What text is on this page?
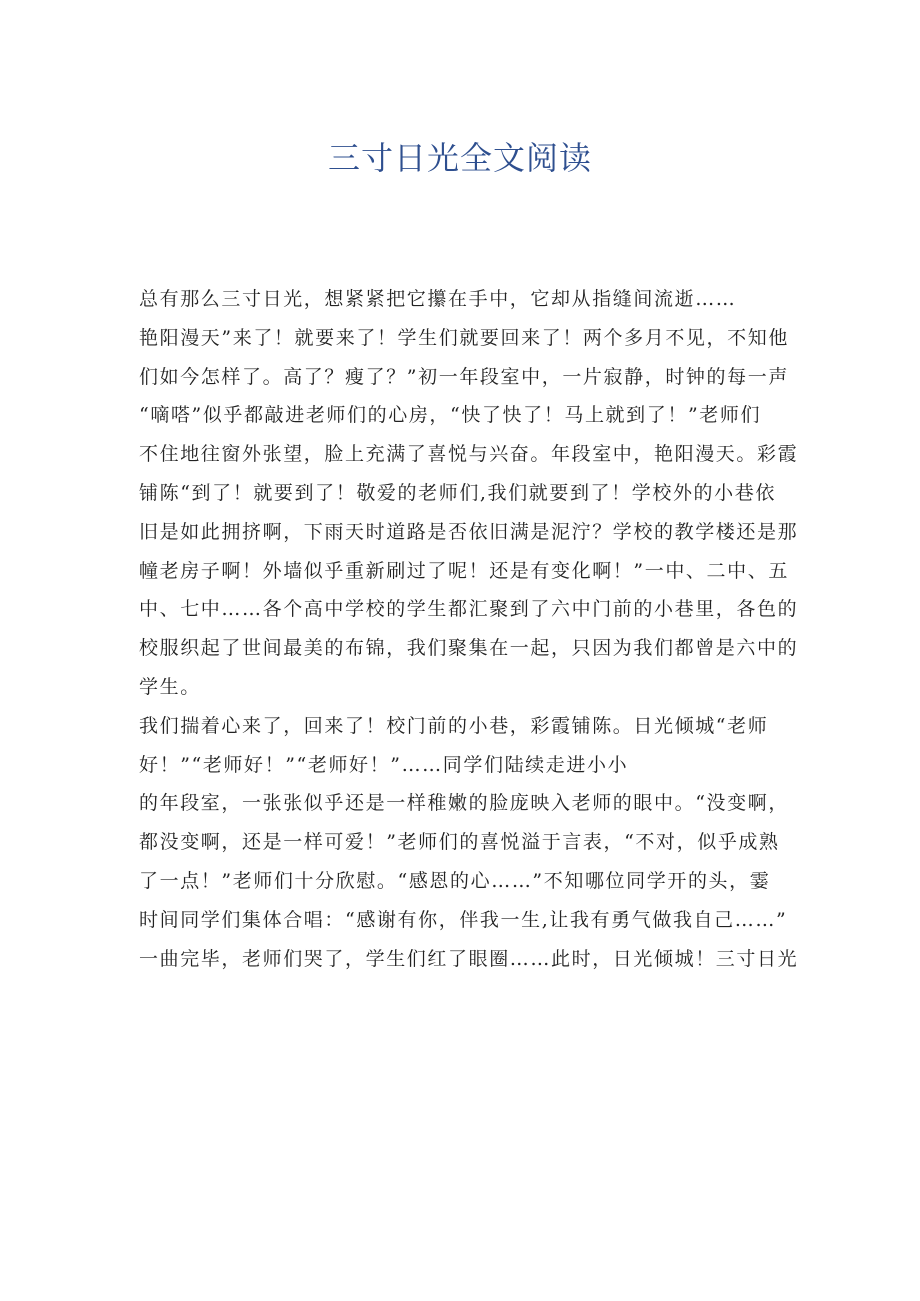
三寸日光全文阅读

总有那么三寸日光，想紧紧把它攥在手中，它却从指缝间流逝……

艳阳漫天”来了！就要来了！学生们就要回来了！两个多月不见，不知他

们如今怎样了。高了？瘦了？”初一年段室中，一片寂静，时钟的每一声

“嘀嗒”似乎都敲进老师们的心房，“快了快了！马上就到了！”老师们

不住地往窗外张望，脸上充满了喜悦与兴奋。年段室中，艳阳漫天。彩霞

铺陈“到了！就要到了！敬爱的老师们,我们就要到了！学校外的小巷依

旧是如此拥挤啊，下雨天时道路是否依旧满是泥泞？学校的教学楼还是那

幢老房子啊！外墙似乎重新刷过了呢！还是有变化啊！”一中、二中、五

中、七中……各个高中学校的学生都汇聚到了六中门前的小巷里，各色的

校服织起了世间最美的布锦，我们聚集在一起，只因为我们都曾是六中的

学生。

我们揣着心来了，回来了！校门前的小巷，彩霞铺陈。日光倾城“老师

好！”“老师好！”“老师好！”……同学们陆续走进小小

的年段室，一张张似乎还是一样稚嫩的脸庞映入老师的眼中。“没变啊，

都没变啊，还是一样可爱！”老师们的喜悦溢于言表，“不对，似乎成熟

了一点！”老师们十分欣慰。“感恩的心……”不知哪位同学开的头，霎

时间同学们集体合唱：“感谢有你，伴我一生,让我有勇气做我自己……”

一曲完毕，老师们哭了，学生们红了眼圈……此时，日光倾城！三寸日光
